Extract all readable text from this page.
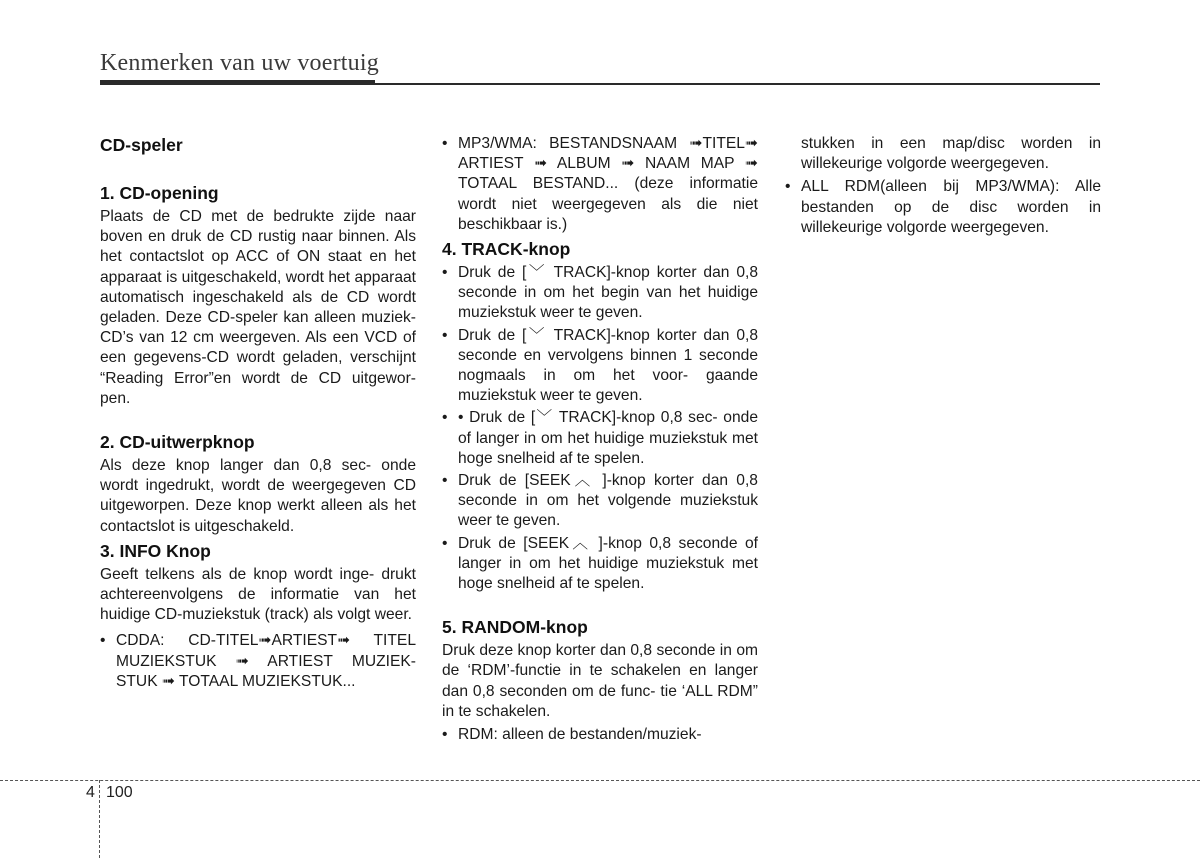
Kenmerken van uw voertuig
CD-speler
1. CD-opening

Plaats de CD met de bedrukte zijde naar boven en druk de CD rustig naar binnen. Als het contactslot op ACC of ON staat en het apparaat is uitgeschakeld, wordt het apparaat automatisch ingeschakeld als de CD wordt geladen. Deze CD-speler kan alleen muziek-CD’s van 12 cm weergeven. Als een VCD of een gegevens-CD wordt geladen, verschijnt “Reading Error”en wordt de CD uitgewor- pen.

2. CD-uitwerpknop

Als deze knop langer dan 0,8 sec- onde wordt ingedrukt, wordt de weergegeven CD uitgeworpen. Deze knop werkt alleen als het contactslot is uitgeschakeld.

3. INFO Knop

Geeft telkens als de knop wordt inge- drukt achtereenvolgens de informatie van het huidige CD-muziekstuk (track) als volgt weer.

• CDDA: CD-TITEL➟ARTIEST➟ TITEL MUZIEKSTUK ➟ ARTIEST MUZIEK- STUK ➟ TOTAAL MUZIEKSTUK...

• MP3/WMA: BESTANDSNAAM ➟TITEL➟ ARTIEST ➟ ALBUM ➟ NAAM MAP ➟ TOTAAL BESTAND... (deze informatie wordt niet weergegeven als die niet beschikbaar is.)

4. TRACK-knop

• Druk de [﹀ TRACK]-knop korter dan 0,8 seconde in om het begin van het huidige muziekstuk weer te geven.

• Druk de [﹀ TRACK]-knop korter dan 0,8 seconde en vervolgens binnen 1 seconde nogmaals in om het voor- gaande muziekstuk weer te geven.

• • Druk de [﹀ TRACK]-knop 0,8 sec- onde of langer in om het huidige muziekstuk met hoge snelheid af te spelen.

• Druk de [SEEK︿ ]-knop korter dan 0,8 seconde in om het volgende muziekstuk weer te geven.

• Druk de [SEEK︿ ]-knop 0,8 seconde of langer in om het huidige muziekstuk met hoge snelheid af te spelen.

5. RANDOM-knop

Druk deze knop korter dan 0,8 seconde in om de ‘RDM’-functie in te schakelen en langer dan 0,8 seconden om de func- tie ‘ALL RDM” in te schakelen.

• RDM: alleen de bestanden/muziek-

stukken in een map/disc worden in willekeurige volgorde weergegeven.

• ALL RDM(alleen bij MP3/WMA): Alle bestanden op de disc worden in willekeurige volgorde weergegeven.

4 100
